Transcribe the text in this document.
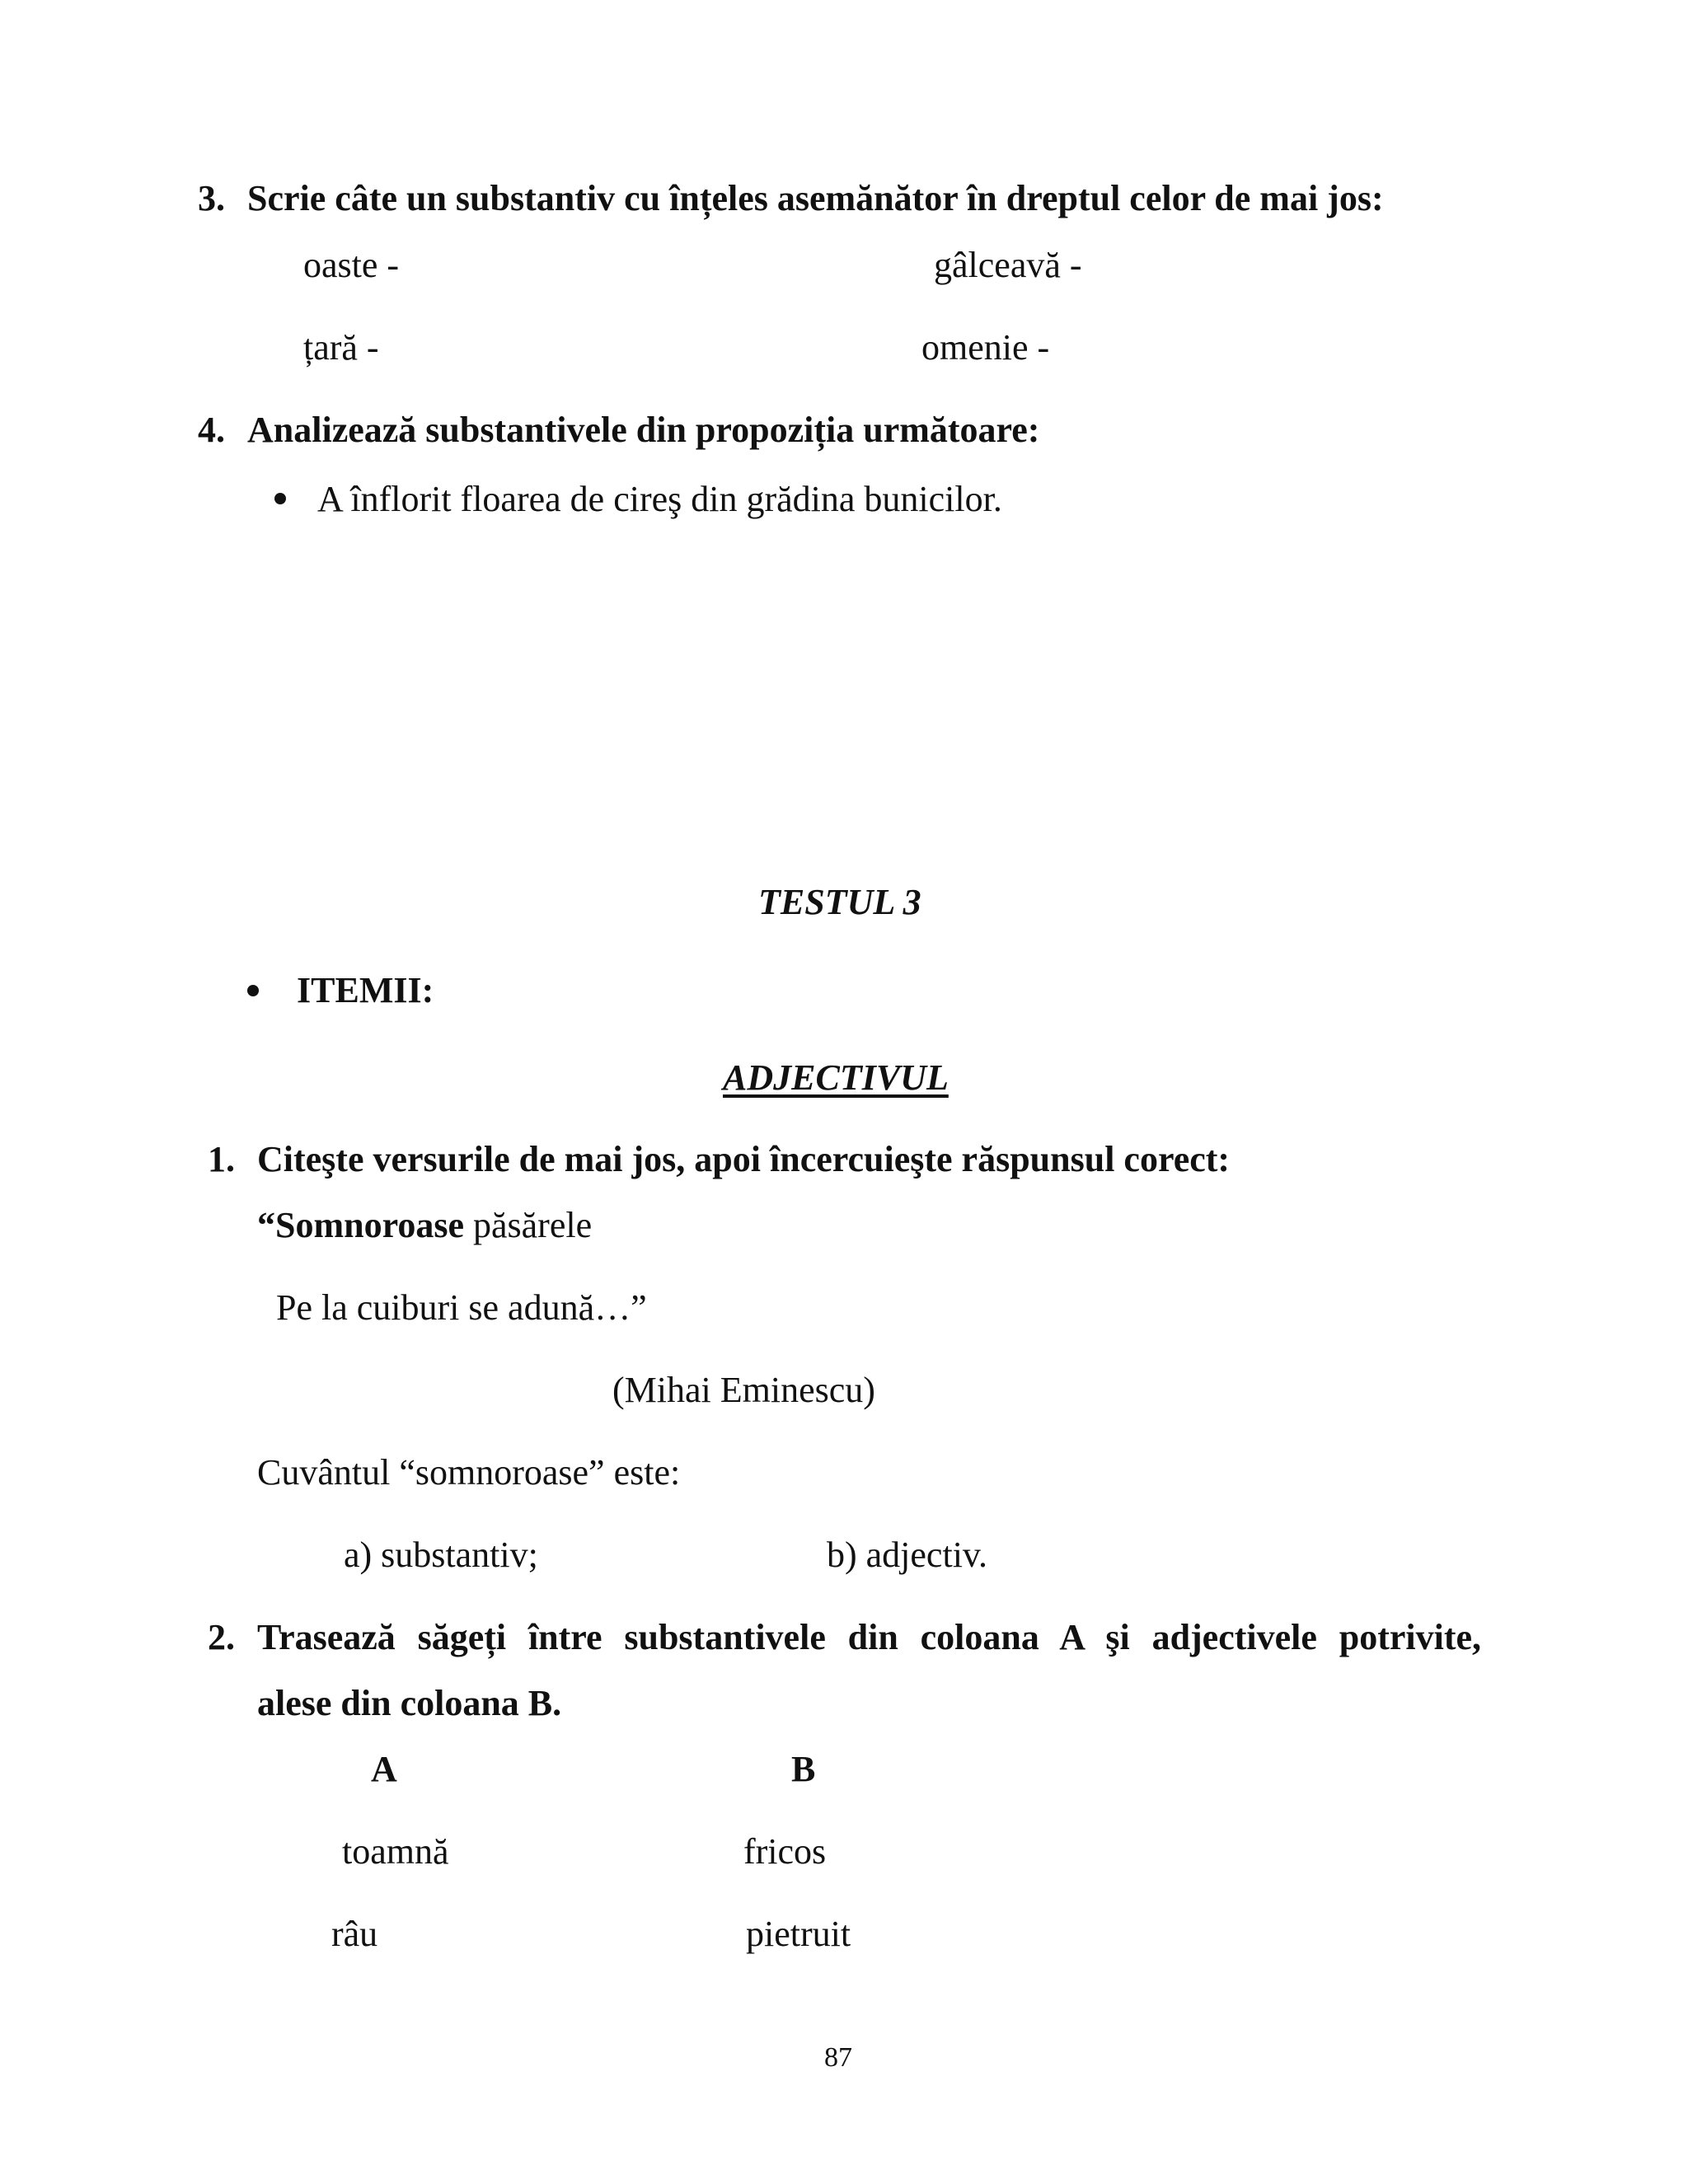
3. Scrie câte un substantiv cu înțeles asemănător în dreptul celor de mai jos:
oaste -	gâlceavă -
țară -	omenie -
4. Analizează substantivele din propoziția următoare:
A înflorit floarea de cireş din grădina bunicilor.
TESTUL 3
ITEMII:
ADJECTIVUL
1. Citeşte versurile de mai jos, apoi încercuieşte răspunsul corect:
“Somnoroase păsărele
Pe la cuiburi se adună…”
(Mihai Eminescu)
Cuvântul “somnoroase” este:
a) substantiv;	b) adjectiv.
2. Trasează săgeți între substantivele din coloana A şi adjectivele potrivite,
alese din coloana B.
A	B
toamnă	fricos
râu	pietruit
87
